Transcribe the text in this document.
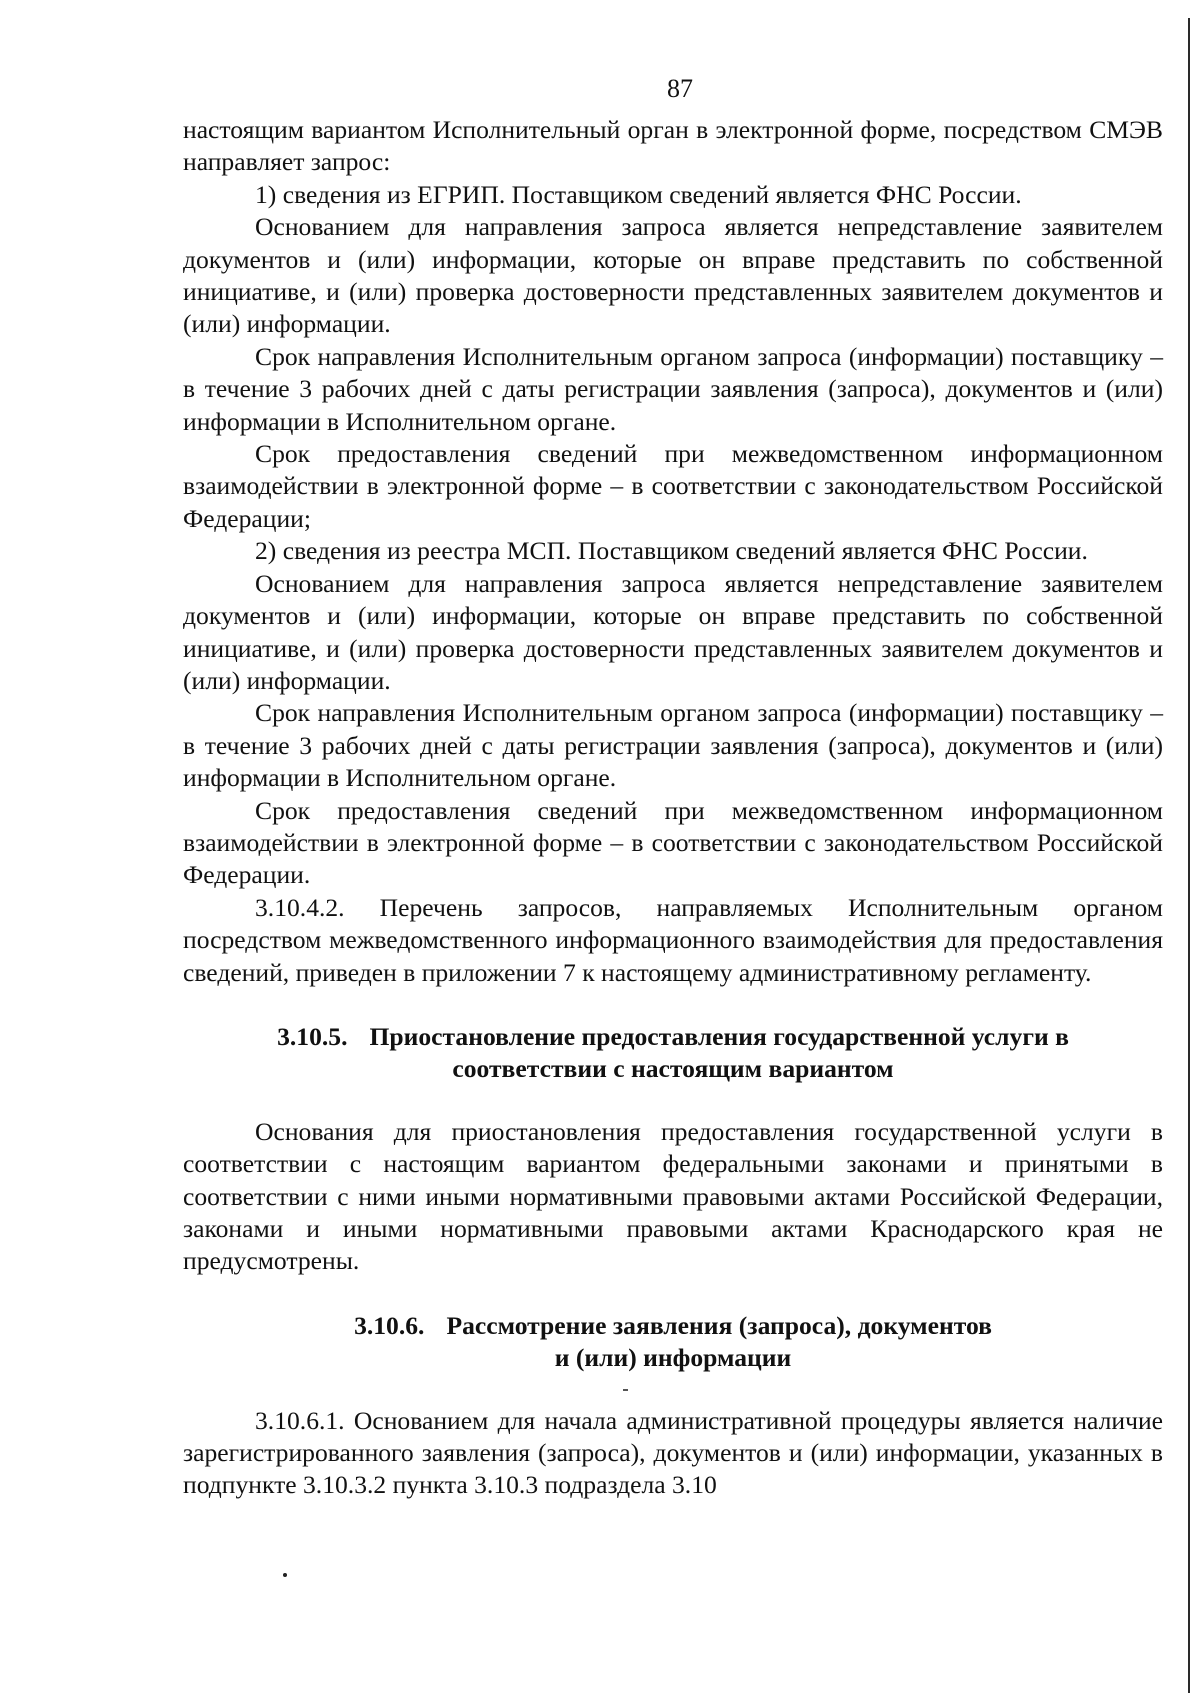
87

настоящим вариантом Исполнительный орган в электронной форме, посредством СМЭВ направляет запрос:

1) сведения из ЕГРИП. Поставщиком сведений является ФНС России.

Основанием для направления запроса является непредставление заявителем документов и (или) информации, которые он вправе представить по собственной инициативе, и (или) проверка достоверности представленных заявителем документов и (или) информации.

Срок направления Исполнительным органом запроса (информации) поставщику – в течение 3 рабочих дней с даты регистрации заявления (запроса), документов и (или) информации в Исполнительном органе.

Срок предоставления сведений при межведомственном информационном взаимодействии в электронной форме – в соответствии с законодательством Российской Федерации;

2) сведения из реестра МСП. Поставщиком сведений является ФНС России.

Основанием для направления запроса является непредставление заявителем документов и (или) информации, которые он вправе представить по собственной инициативе, и (или) проверка достоверности представленных заявителем документов и (или) информации.

Срок направления Исполнительным органом запроса (информации) поставщику – в течение 3 рабочих дней с даты регистрации заявления (запроса), документов и (или) информации в Исполнительном органе.

Срок предоставления сведений при межведомственном информационном взаимодействии в электронной форме – в соответствии с законодательством Российской Федерации.

3.10.4.2. Перечень запросов, направляемых Исполнительным органом посредством межведомственного информационного взаимодействия для предоставления сведений, приведен в приложении 7 к настоящему административному регламенту.

3.10.5. Приостановление предоставления государственной услуги в
соответствии с настоящим вариантом

Основания для приостановления предоставления государственной услуги в соответствии с настоящим вариантом федеральными законами и принятыми в соответствии с ними иными нормативными правовыми актами Российской Федерации, законами и иными нормативными правовыми актами Краснодарского края не предусмотрены.

3.10.6. Рассмотрение заявления (запроса), документов
и (или) информации

3.10.6.1. Основанием для начала административной процедуры является наличие зарегистрированного заявления (запроса), документов и (или) информации, указанных в подпункте 3.10.3.2 пункта 3.10.3 подраздела 3.10
